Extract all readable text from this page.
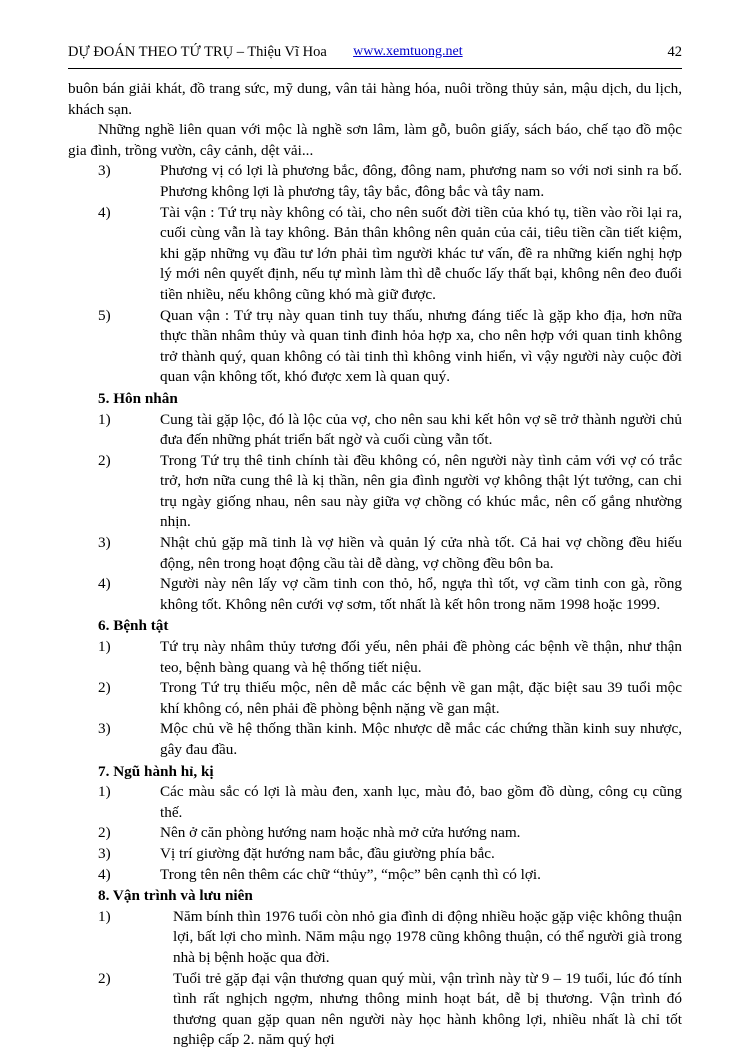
DỰ ĐOÁN THEO TỨ TRỤ – Thiệu Vĩ Hoa www.xemtuong.net	42

buôn bán giải khát, đồ trang sức, mỹ dung, vân tải hàng hóa, nuôi trồng thủy sản, mậu dịch, du lịch, khách sạn.

Những nghề liên quan với mộc là nghề sơn lâm, làm gỗ, buôn giấy, sách báo, chế tạo đồ mộc gia đình, trồng vườn, cây cảnh, dệt vải...

3)	Phương vị có lợi là phương bắc, đông, đông nam, phương nam so với nơi sinh ra bố. Phương không lợi là phương tây, tây bắc, đông bắc và tây nam.
4)	Tài vận : Tứ trụ này không có tài, cho nên suốt đời tiền của khó tụ, tiền vào rồi lại ra, cuối cùng vẫn là tay không. Bản thân không nên quản của cải, tiêu tiền cần tiết kiệm, khi gặp những vụ đầu tư lớn phải tìm người khác tư vấn, đề ra những kiến nghị hợp lý mới nên quyết định, nếu tự mình làm thì dễ chuốc lấy thất bại, không nên đeo đuổi tiền nhiều, nếu không cũng khó mà giữ được.
5)	Quan vận : Tứ trụ này quan tinh tuy thấu, nhưng đáng tiếc là gặp kho địa, hơn nữa thực thần nhâm thủy và quan tinh đinh hỏa hợp xa, cho nên hợp với quan tinh không trở thành quý, quan không có tài tinh thì không vinh hiển, vì vậy người này cuộc đời quan vận không tốt, khó được xem là quan quý.

5. Hôn nhân

1)	Cung tài gặp lộc, đó là lộc của vợ, cho nên sau khi kết hôn vợ sẽ trở thành người chủ đưa đến những phát triển bất ngờ và cuối cùng vẫn tốt.
2)	Trong Tứ trụ thê tinh chính tài đều không có, nên người này tình cảm với vợ có trắc trở, hơn nữa cung thê là kị thần, nên gia đình người vợ không thật lýt tưởng, can chi trụ ngày giống nhau, nên sau này giữa vợ chồng có khúc mắc, nên cố gắng nhường nhịn.
3)	Nhật chủ gặp mã tinh là vợ hiền và quản lý cửa nhà tốt. Cả hai vợ chồng đều hiếu động, nên trong hoạt động cầu tài dễ dàng, vợ chồng đều bôn ba.
4)	Người này nên lấy vợ cầm tinh con thỏ, hổ, ngựa thì tốt, vợ cầm tinh con gà, rồng không tốt. Không nên cưới vợ sơm, tốt nhất là kết hôn trong năm 1998 hoặc 1999.

6. Bệnh tật

1)	Tứ trụ này nhâm thủy tương đối yếu, nên phải đề phòng các bệnh về thận, như thận teo, bệnh bàng quang và hệ thống tiết niệu.
2)	Trong Tứ trụ thiếu mộc, nên dễ mắc các bệnh về gan mật, đặc biệt sau 39 tuổi mộc khí không có, nên phải đề phòng bệnh nặng về gan mật.
3)	Mộc chủ về hệ thống thần kinh. Mộc nhược dễ mắc các chứng thần kinh suy nhược, gây đau đầu.

7. Ngũ hành hỉ, kị

1)	Các màu sắc có lợi là màu đen, xanh lục, màu đỏ, bao gồm đồ dùng, công cụ cũng thế.
2)	Nên ở căn phòng hướng nam hoặc nhà mở cửa hướng nam.
3)	Vị trí giường đặt hướng nam bắc, đầu giường phía bắc.
4)	Trong tên nên thêm các chữ “thủy”, “mộc” bên cạnh thì có lợi.

8. Vận trình và lưu niên

1)	Năm bính thìn 1976 tuổi còn nhỏ gia đình di động nhiều hoặc gặp việc không thuận lợi, bất lợi cho mình. Năm mậu ngọ 1978 cũng không thuận, có thể người già trong nhà bị bệnh hoặc qua đời.
2)	Tuổi trẻ gặp đại vận thương quan quý mùi, vận trình này từ 9 – 19 tuổi, lúc đó tính tình rất nghịch ngợm, nhưng thông minh hoạt bát, dễ bị thương. Vận trình đó thương quan gặp quan nên người này học hành không lợi, nhiều nhất là chỉ tốt nghiệp cấp 2. năm quý hợi
